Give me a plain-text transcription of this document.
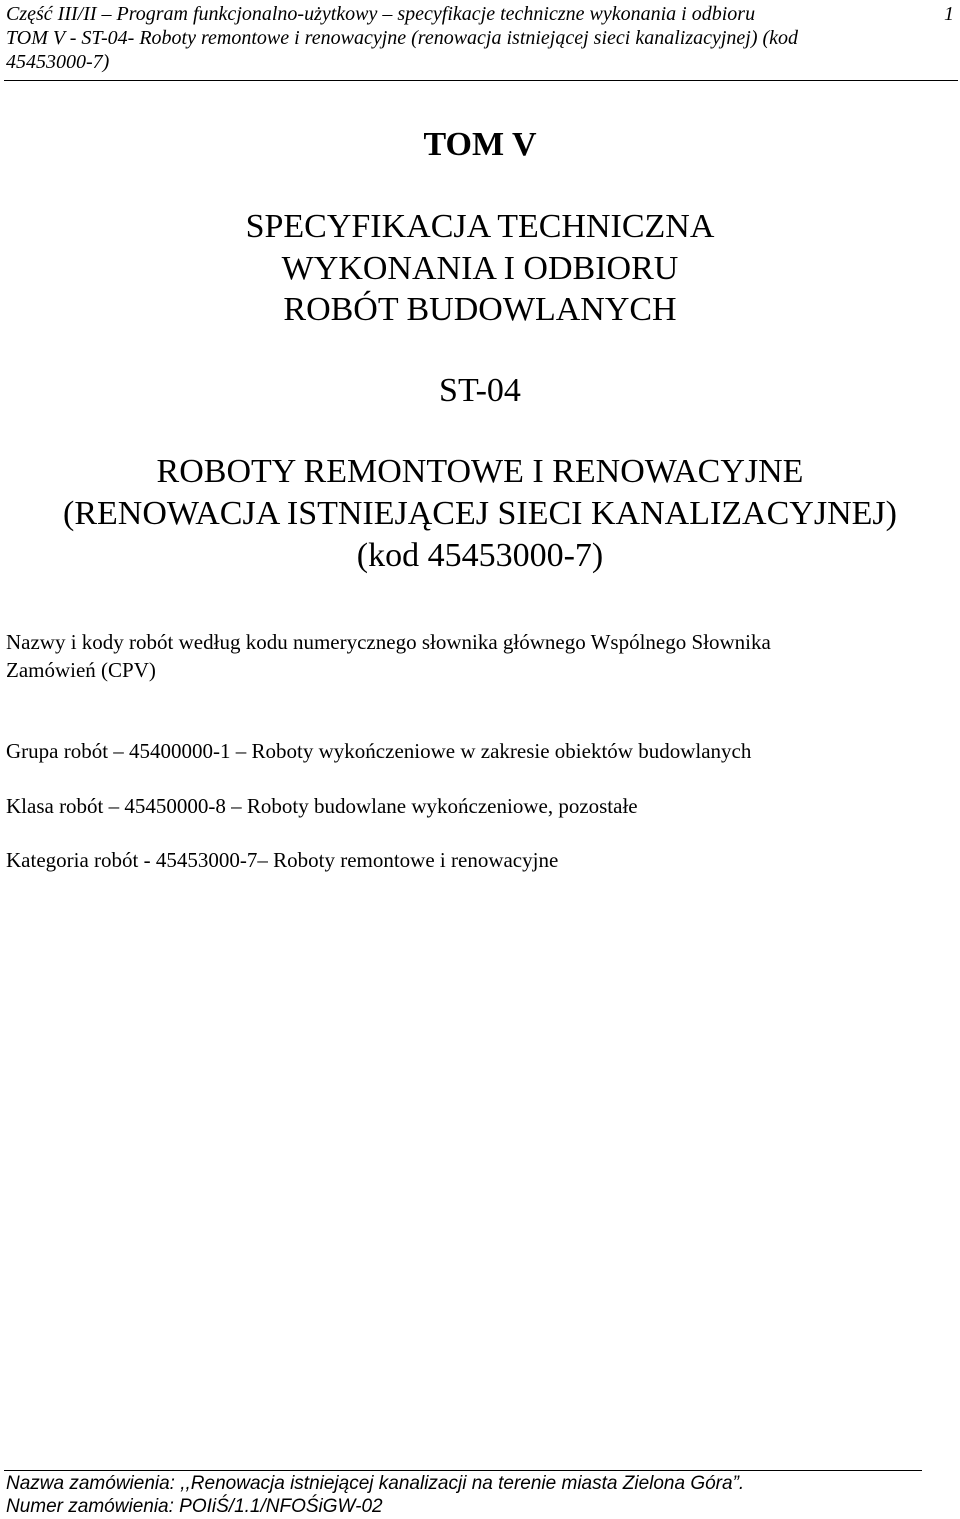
Część III/II – Program funkcjonalno-użytkowy – specyfikacje techniczne wykonania i odbioru	1
TOM V - ST-04- Roboty remontowe i renowacyjne (renowacja istniejącej sieci kanalizacyjnej) (kod
45453000-7)
TOM V
SPECYFIKACJA TECHNICZNA
WYKONANIA I ODBIORU
ROBÓT BUDOWLANYCH
ST-04
ROBOTY REMONTOWE I RENOWACYJNE
(RENOWACJA ISTNIEJĄCEJ SIECI KANALIZACYJNEJ)
(kod 45453000-7)
Nazwy i kody robót według kodu numerycznego słownika głównego Wspólnego Słownika
Zamówień (CPV)
Grupa robót – 45400000-1 – Roboty wykończeniowe w zakresie obiektów budowlanych
Klasa robót – 45450000-8 – Roboty budowlane wykończeniowe, pozostałe
Kategoria robót - 45453000-7– Roboty remontowe i renowacyjne
Nazwa zamówienia: ,,Renowacja istniejącej kanalizacji na terenie miasta Zielona Góra”.
Numer zamówienia: POIiŚ/1.1/NFOŚiGW-02
